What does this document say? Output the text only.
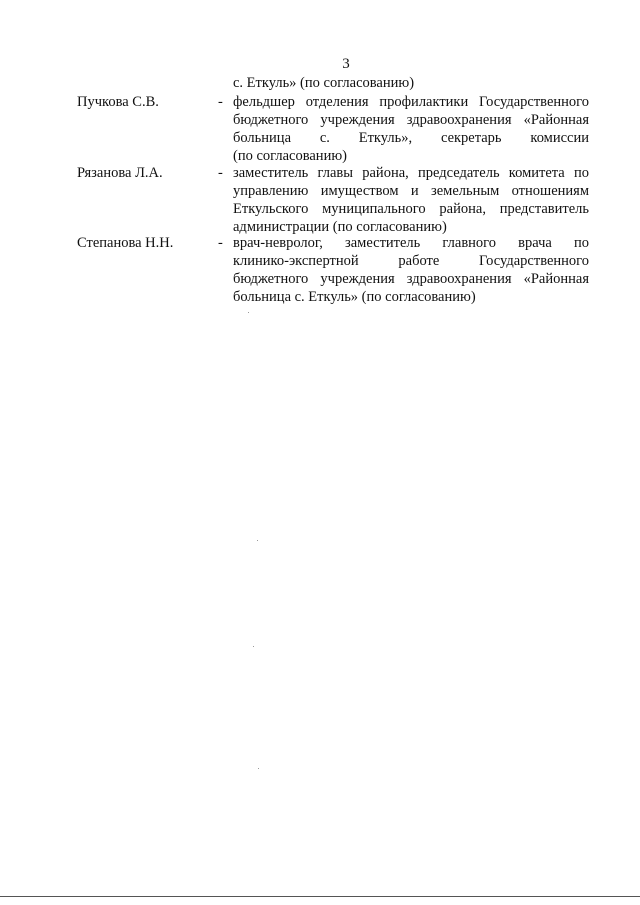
3
с. Еткуль» (по согласованию)
Пучкова С.В.	- фельдшер отделения профилактики Государственного
бюджетного учреждения здравоохранения «Районная
больница с. Еткуль», секретарь комиссии
(по согласованию)
Рязанова Л.А.	- заместитель главы района, председатель комитета по
управлению имуществом и земельным отношениям
Еткульского муниципального района, представитель
администрации (по согласованию)
Степанова Н.Н.	- врач-невролог, заместитель главного врача по
клинико-экспертной работе Государственного
бюджетного учреждения здравоохранения «Районная
больница с. Еткуль» (по согласованию)
